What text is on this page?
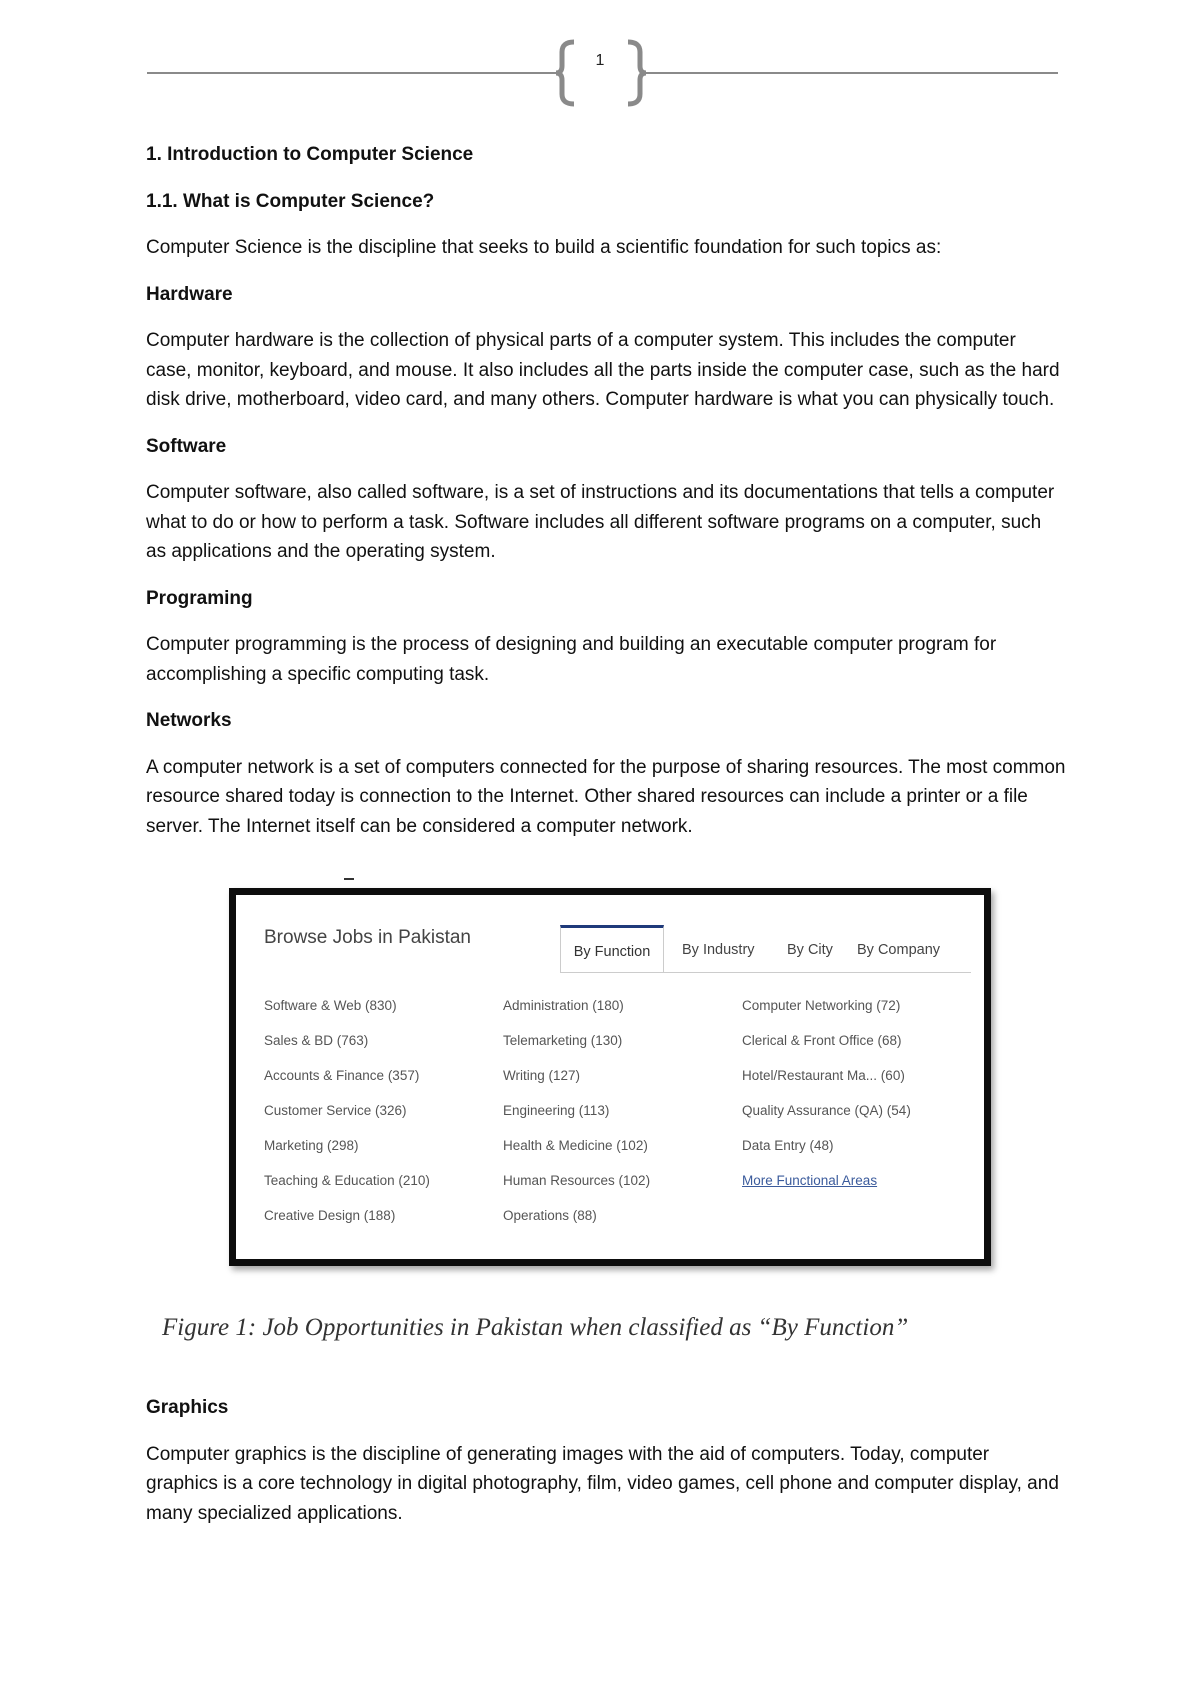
1

1. Introduction to Computer Science

1.1. What is Computer Science?

Computer Science is the discipline that seeks to build a scientific foundation for such topics as:

Hardware

Computer hardware is the collection of physical parts of a computer system. This includes the computer case, monitor, keyboard, and mouse. It also includes all the parts inside the computer case, such as the hard disk drive, motherboard, video card, and many others. Computer hardware is what you can physically touch.

Software

Computer software, also called software, is a set of instructions and its documentations that tells a computer what to do or how to perform a task. Software includes all different software programs on a computer, such as applications and the operating system.

Programing

Computer programming is the process of designing and building an executable computer program for accomplishing a specific computing task.

Networks

A computer network is a set of computers connected for the purpose of sharing resources. The most common resource shared today is connection to the Internet. Other shared resources can include a printer or a file server. The Internet itself can be considered a computer network.

Browse Jobs in Pakistan
By Function	By Industry By City By Company
Software & Web (830)
Sales & BD (763)
Accounts & Finance (357)
Customer Service (326)
Marketing (298)
Teaching & Education (210)
Creative Design (188)
Administration (180)
Telemarketing (130)
Writing (127)
Engineering (113)
Health & Medicine (102)
Human Resources (102)
Operations (88)
Computer Networking (72)
Clerical & Front Office (68)
Hotel/Restaurant Ma... (60)
Quality Assurance (QA) (54)
Data Entry (48)
More Functional Areas
Figure 1: Job Opportunities in Pakistan when classified as “By Function”

Graphics

Computer graphics is the discipline of generating images with the aid of computers. Today, computer graphics is a core technology in digital photography, film, video games, cell phone and computer display, and many specialized applications.
